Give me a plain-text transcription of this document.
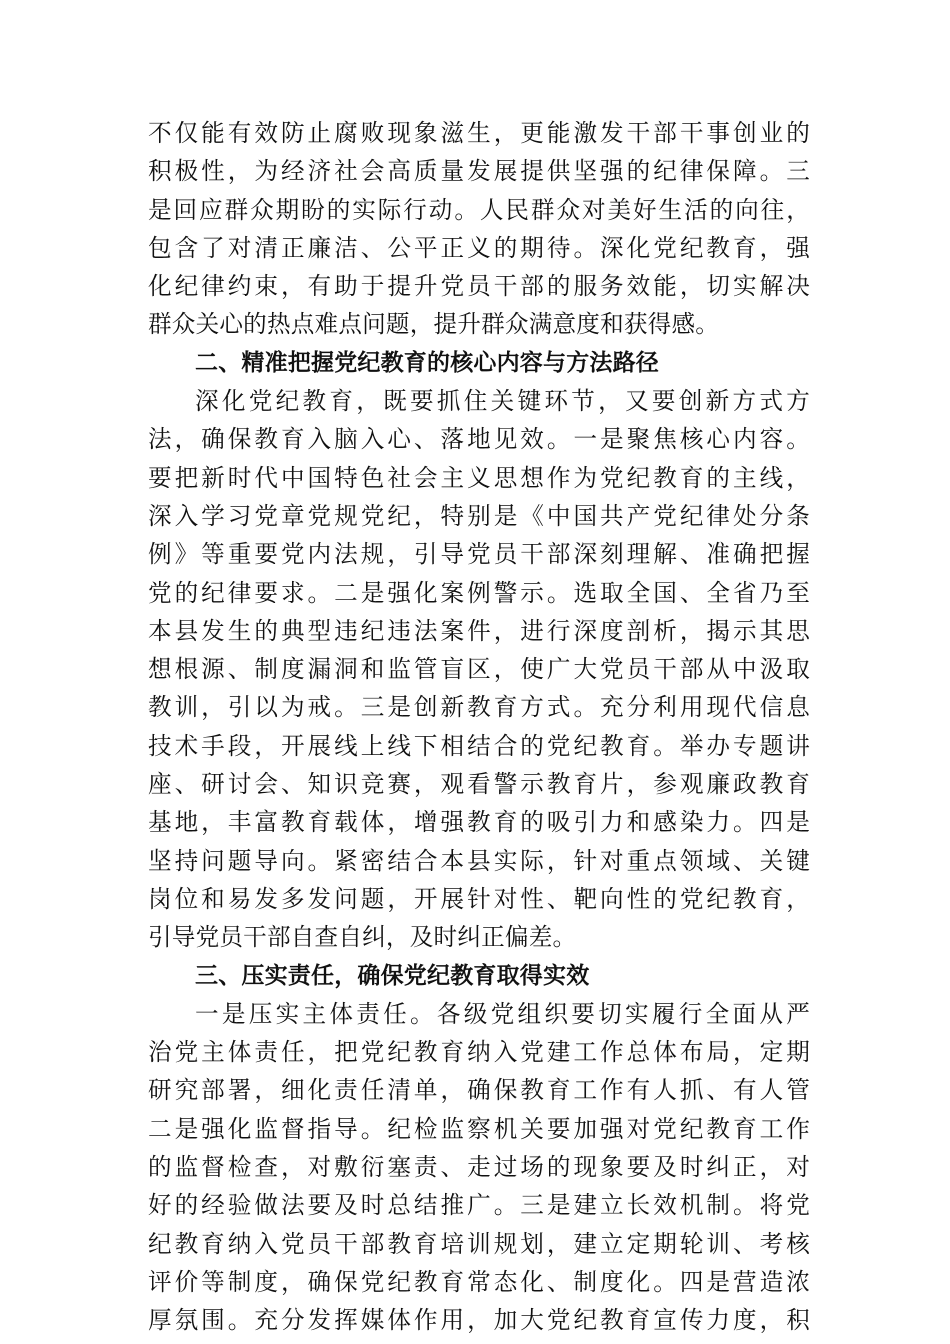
不仅能有效防止腐败现象滋生，更能激发干部干事创业的
积极性，为经济社会高质量发展提供坚强的纪律保障。三
是回应群众期盼的实际行动。人民群众对美好生活的向往，
包含了对清正廉洁、公平正义的期待。深化党纪教育，强
化纪律约束，有助于提升党员干部的服务效能，切实解决
群众关心的热点难点问题，提升群众满意度和获得感。
二、精准把握党纪教育的核心内容与方法路径
深化党纪教育，既要抓住关键环节，又要创新方式方
法，确保教育入脑入心、落地见效。一是聚焦核心内容。
要把新时代中国特色社会主义思想作为党纪教育的主线，
深入学习党章党规党纪，特别是《中国共产党纪律处分条
例》等重要党内法规，引导党员干部深刻理解、准确把握
党的纪律要求。二是强化案例警示。选取全国、全省乃至
本县发生的典型违纪违法案件，进行深度剖析，揭示其思
想根源、制度漏洞和监管盲区，使广大党员干部从中汲取
教训，引以为戒。三是创新教育方式。充分利用现代信息
技术手段，开展线上线下相结合的党纪教育。举办专题讲
座、研讨会、知识竞赛，观看警示教育片，参观廉政教育
基地，丰富教育载体，增强教育的吸引力和感染力。四是
坚持问题导向。紧密结合本县实际，针对重点领域、关键
岗位和易发多发问题，开展针对性、靶向性的党纪教育，
引导党员干部自查自纠，及时纠正偏差。
三、压实责任，确保党纪教育取得实效
一是压实主体责任。各级党组织要切实履行全面从严
治党主体责任，把党纪教育纳入党建工作总体布局，定期
研究部署，细化责任清单，确保教育工作有人抓、有人管
二是强化监督指导。纪检监察机关要加强对党纪教育工作
的监督检查，对敷衍塞责、走过场的现象要及时纠正，对
好的经验做法要及时总结推广。三是建立长效机制。将党
纪教育纳入党员干部教育培训规划，建立定期轮训、考核
评价等制度，确保党纪教育常态化、制度化。四是营造浓
厚氛围。充分发挥媒体作用，加大党纪教育宣传力度，积
